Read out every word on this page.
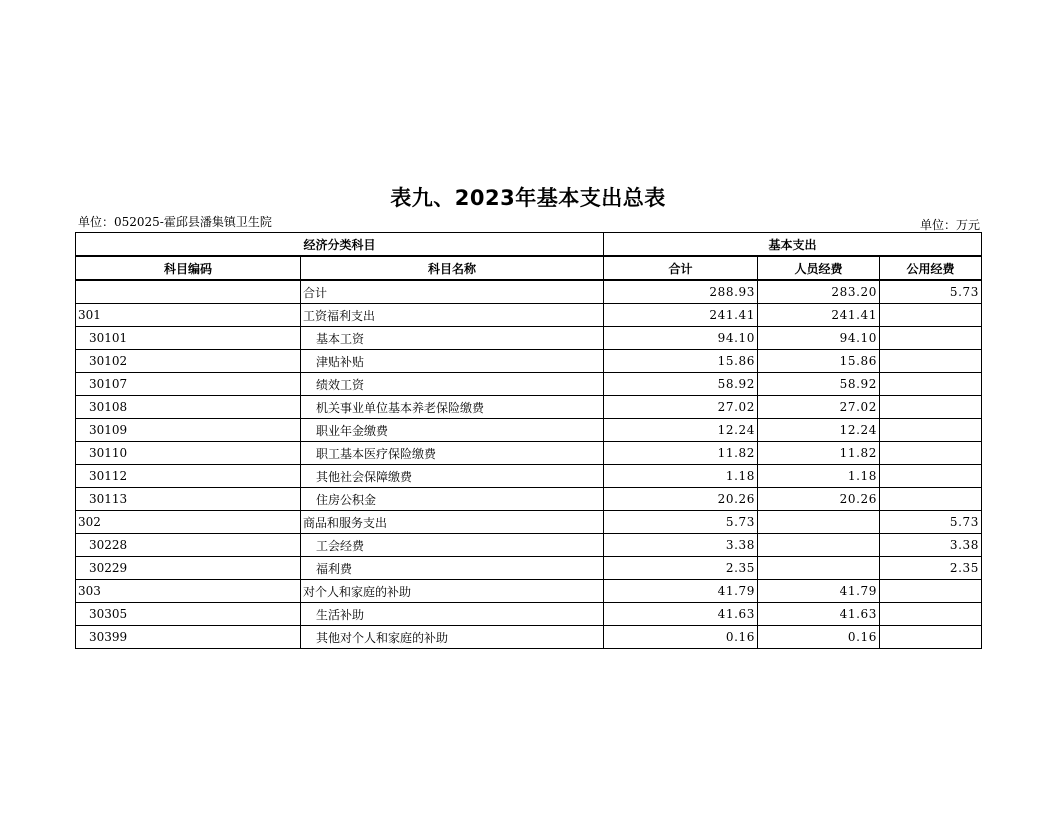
表九、2023年基本支出总表
单位：052025-霍邱县潘集镇卫生院	单位：万元
经济分类科目		基本支出		
科目编码	科目名称	合计	人员经费	公用经费
	合计	288.93	283.20	5.73
301	工资福利支出	241.41	241.41	
30101	基本工资	94.10	94.10	
30102	津贴补贴	15.86	15.86	
30107	绩效工资	58.92	58.92	
30108	机关事业单位基本养老保险缴费	27.02	27.02	
30109	职业年金缴费	12.24	12.24	
30110	职工基本医疗保险缴费	11.82	11.82	
30112	其他社会保障缴费	1.18	1.18	
30113	住房公积金	20.26	20.26	
302	商品和服务支出	5.73		5.73
30228	工会经费	3.38		3.38
30229	福利费	2.35		2.35
303	对个人和家庭的补助	41.79	41.79	
30305	生活补助	41.63	41.63	
30399	其他对个人和家庭的补助	0.16	0.16	
